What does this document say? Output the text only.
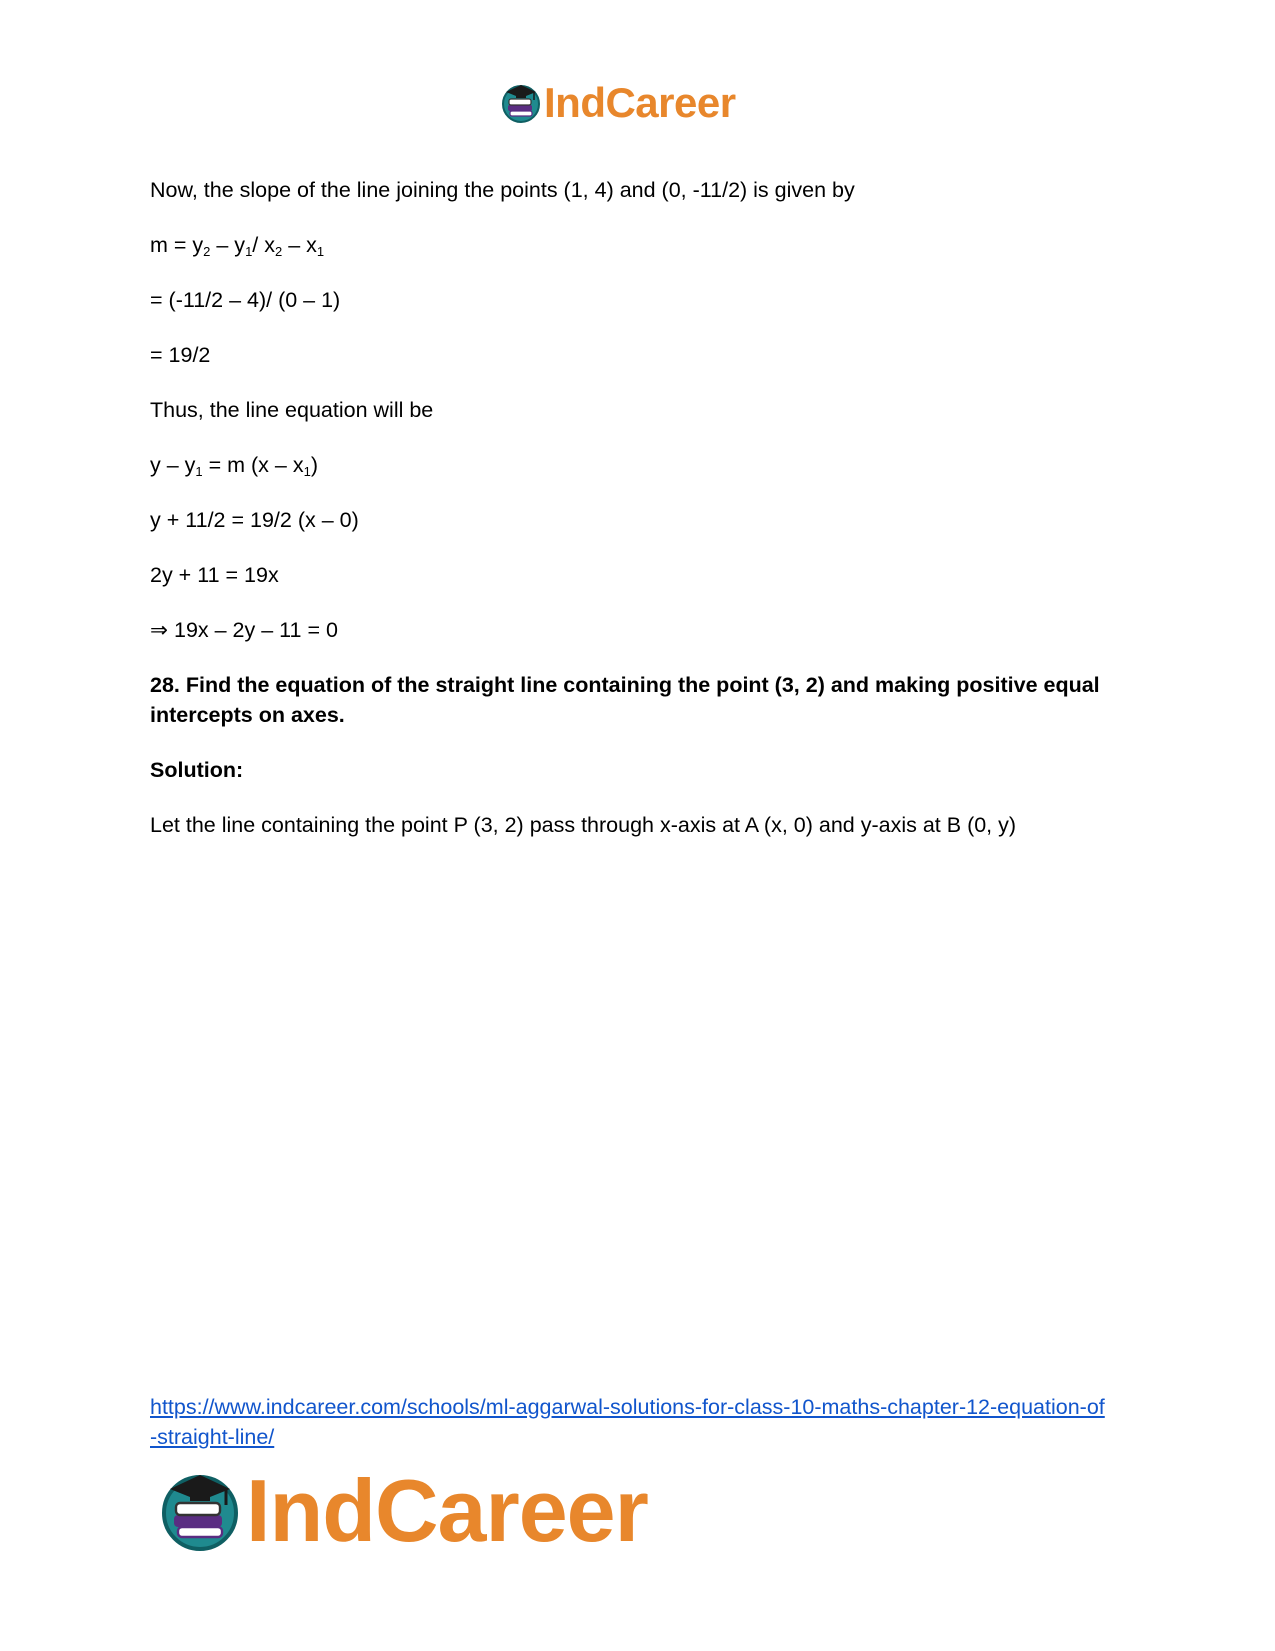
IndCareer

Now, the slope of the line joining the points (1, 4) and (0, -11/2) is given by

$m = y_2 - y_1/$ $x_2 - x_1$

= (-11/2 – 4)/ (0 – 1)

= 19/2

Thus, the line equation will be

$y - y_1 = m$ $(x - x_1)$

y + 11/2 = 19/2 (x – 0)

2y + 11 = 19x

⇒ 19x – 2y – 11 = 0

28. Find the equation of the straight line containing the point (3, 2) and making positive equal intercepts on axes.

Solution:

Let the line containing the point P (3, 2) pass through x-axis at A (x, 0) and y-axis at B (0, y)

https://www.indcareer.com/schools/ml-aggarwal-solutions-for-class-10-maths-chapter-12-equation-of-straight-line/
IndCareer
